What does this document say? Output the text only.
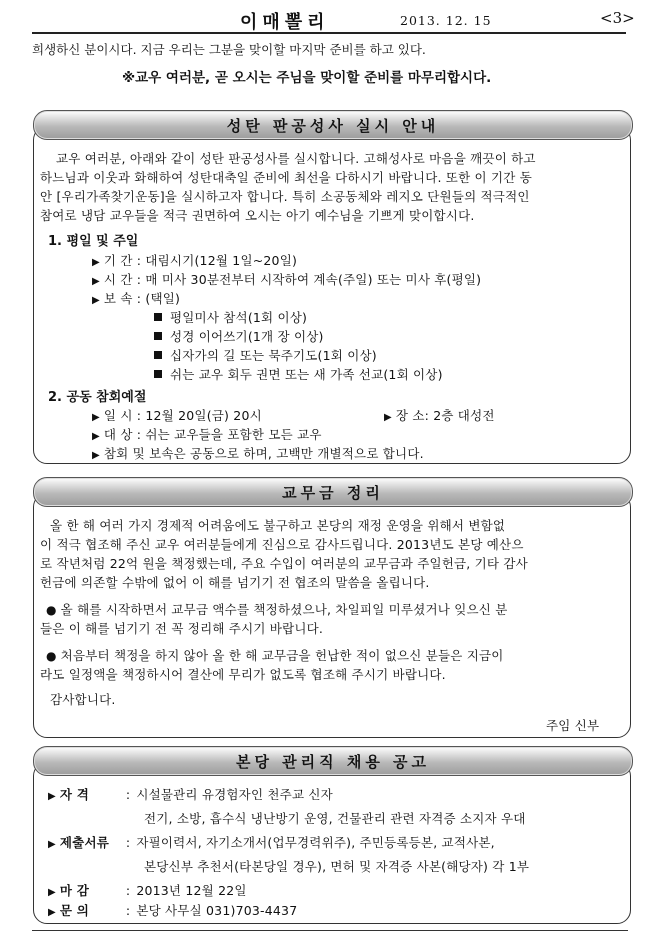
이매뽈리	2013. 12. 15	<3>
희생하신 분이시다. 지금 우리는 그분을 맞이할 마지막 준비를 하고 있다.
※교우 여러분, 곧 오시는 주님을 맞이할 준비를 마무리합시다.
교우 여러분, 아래와 같이 성탄 판공성사를 실시합니다. 고해성사로 마음을 깨끗이 하고
하느님과 이웃과 화해하여 성탄대축일 준비에 최선을 다하시기 바랍니다. 또한 이 기간 동
안 [우리가족찾기운동]을 실시하고자 합니다. 특히 소공동체와 레지오 단원들의 적극적인
참여로 냉담 교우들을 적극 권면하여 오시는 아기 예수님을 기쁘게 맞이합시다.
1. 평일 및 주일
▶ 기 간 : 대림시기(12월 1일~20일)
▶ 시 간 : 매 미사 30분전부터 시작하여 계속(주일) 또는 미사 후(평일)
▶ 보 속 : (택일)
평일미사 참석(1회 이상)
성경 이어쓰기(1개 장 이상)
십자가의 길 또는 묵주기도(1회 이상)
쉬는 교우 회두 권면 또는 새 가족 선교(1회 이상)
2. 공동 참회예절
▶ 일 시 : 12월 20일(금) 20시	▶ 장 소: 2층 대성전
▶ 대 상 : 쉬는 교우들을 포함한 모든 교우
▶ 참회 및 보속은 공동으로 하며, 고백만 개별적으로 합니다.
성탄 판공성사 실시 안내
올 한 해 여러 가지 경제적 어려움에도 불구하고 본당의 재정 운영을 위해서 변함없
이 적극 협조해 주신 교우 여러분들에게 진심으로 감사드립니다. 2013년도 본당 예산으
로 작년처럼 22억 원을 책정했는데, 주요 수입이 여러분의 교무금과 주일헌금, 기타 감사
헌금에 의존할 수밖에 없어 이 해를 넘기기 전 협조의 말씀을 올립니다.
● 올 해를 시작하면서 교무금 액수를 책정하셨으나, 차일피일 미루셨거나 잊으신 분
들은 이 해를 넘기기 전 꼭 정리해 주시기 바랍니다.
● 처음부터 책정을 하지 않아 올 한 해 교무금을 헌납한 적이 없으신 분들은 지금이
라도 일정액을 책정하시어 결산에 무리가 없도록 협조해 주시기 바랍니다.
감사합니다.
주임 신부
교무금 정리
▶ 자 격	: 시설물관리 유경험자인 천주교 신자
전기, 소방, 흡수식 냉난방기 운영, 건물관리 관련 자격증 소지자 우대
▶ 제출서류 : 자필이력서, 자기소개서(업무경력위주), 주민등록등본, 교적사본,
본당신부 추천서(타본당일 경우), 면허 및 자격증 사본(해당자) 각 1부
▶ 마 감	: 2013년 12월 22일
▶ 문 의	: 본당 사무실 031)703-4437
본당 관리직 채용 공고
